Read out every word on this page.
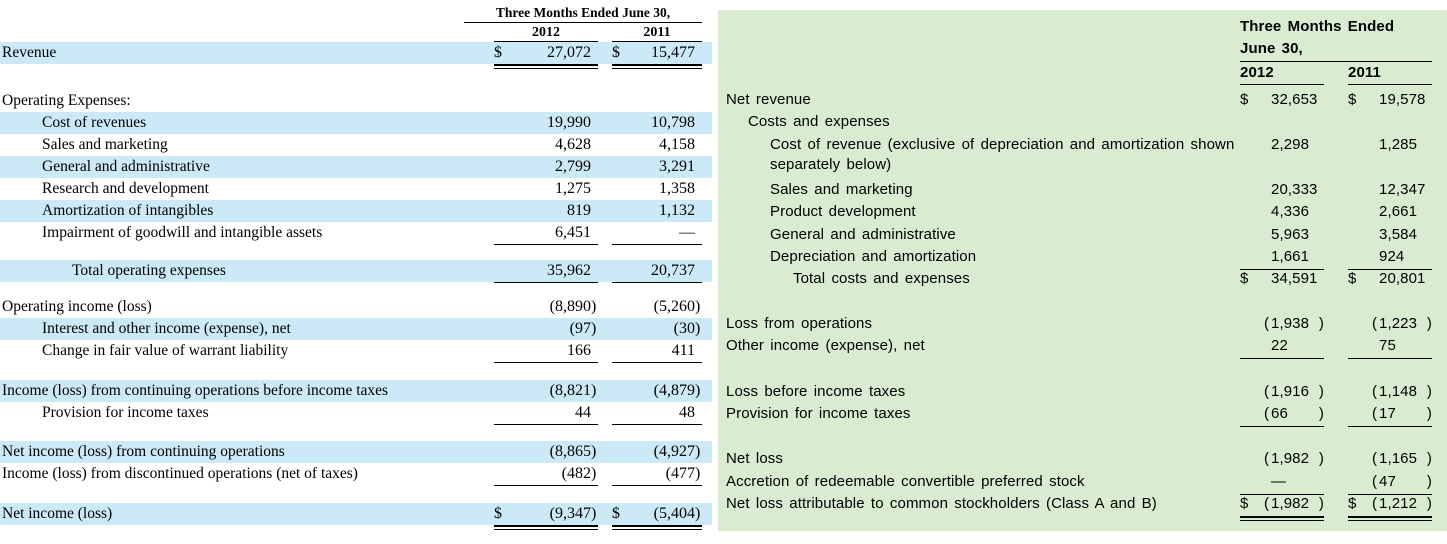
Three Months Ended June 30,
2012	2011
Revenue	$	27,072 $	15,477
Operating Expenses:
Cost of revenues	19,990	10,798
Sales and marketing	4,628	4,158
General and administrative	2,799	3,291
Research and development	1,275	1,358
Amortization of intangibles	819	1,132
Impairment of goodwill and intangible assets	6,451	—
Total operating expenses	35,962	20,737
Operating income (loss)	(8,890 )	(5,260 )
Interest and other income (expense), net	(97 )	(30 )
Change in fair value of warrant liability	166	411
Income (loss) from continuing operations before income taxes	(8,821 )	(4,879 )
Provision for income taxes	44	48
Net income (loss) from continuing operations	(8,865 )	(4,927 )
Income (loss) from discontinued operations (net of taxes)	(482 )	(477 )
Net income (loss)	$	(9,347 ) $	(5,404 )
Three Months Ended
June 30,
2012	2011
Net revenue	$	32,653 $	19,578
Costs and expenses
Cost of revenue (exclusive of depreciation and amortization shown separately below)
2,298	1,285
Sales and marketing	20,333	12,347
Product development	4,336	2,661
General and administrative	5,963	3,584
Depreciation and amortization	1,661	924
Total costs and expenses	$	34,591 $	20,801
Loss from operations	( 1,938 )	( 1,223 )
Other income (expense), net	22	75
Loss before income taxes	( 1,916 )	( 1,148 )
Provision for income taxes	( 66	)	( 17	)
Net loss	( 1,982 )	( 1,165 )
Accretion of redeemable convertible preferred stock	—	( 47	)
Net loss attributable to common stockholders (Class A and B)	$	( 1,982 ) $	( 1,212 )
